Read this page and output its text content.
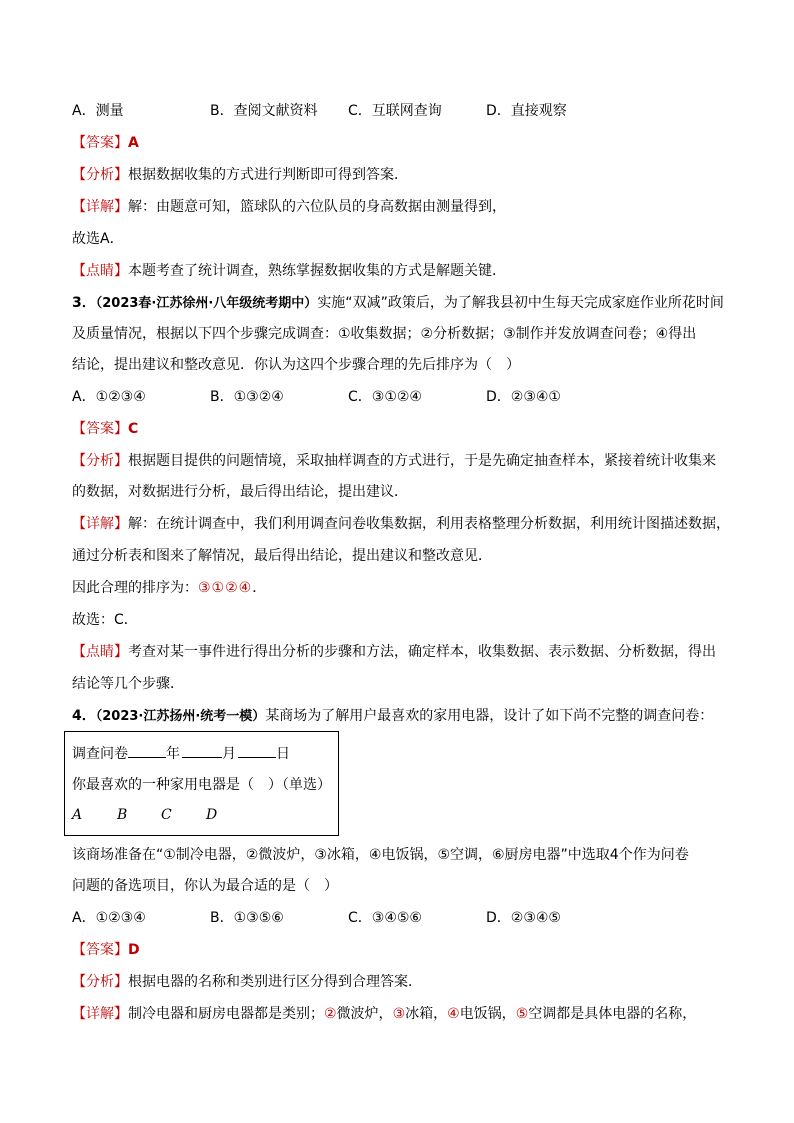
A．测量	B．查阅文献资料 C．互联网查询	D．直接观察
【答案】A
【分析】根据数据收集的方式进行判断即可得到答案．
【详解】解：由题意可知，篮球队的六位队员的身高数据由测量得到，
故选A．
【点睛】本题考查了统计调查，熟练掌握数据收集的方式是解题关键．
3．（2023春·江苏徐州·八年级统考期中）实施“双减”政策后，为了解我县初中生每天完成家庭作业所花时间
及质量情况，根据以下四个步骤完成调查：①收集数据；②分析数据；③制作并发放调查问卷；④得出
结论，提出建议和整改意见．你认为这四个步骤合理的先后排序为（　）
A．①②③④	B．①③②④	C．③①②④	D．②③④①
【答案】C
【分析】根据题目提供的问题情境，采取抽样调查的方式进行，于是先确定抽查样本，紧接着统计收集来
的数据，对数据进行分析，最后得出结论，提出建议．
【详解】解：在统计调查中，我们利用调查问卷收集数据，利用表格整理分析数据，利用统计图描述数据，
通过分析表和图来了解情况，最后得出结论，提出建议和整改意见．
因此合理的排序为：③①②④．
故选：C．
【点睛】考查对某一事件进行得出分析的步骤和方法，确定样本，收集数据、表示数据、分析数据，得出
结论等几个步骤．
4．（2023·江苏扬州·统考一模）某商场为了解用户最喜欢的家用电器，设计了如下尚不完整的调查问卷：
调查问卷	年	月	日
你最喜欢的一种家用电器是（　）（单选）
A B C D
该商场准备在“①制冷电器，②微波炉，③冰箱，④电饭锅，⑤空调，⑥厨房电器”中选取4个作为问卷
问题的备选项目，你认为最合适的是（　）
A．①②③④	B．①③⑤⑥	C．③④⑤⑥	D．②③④⑤
【答案】D
【分析】根据电器的名称和类别进行区分得到合理答案．
【详解】制冷电器和厨房电器都是类别；②微波炉，③冰箱，④电饭锅，⑤空调都是具体电器的名称，
